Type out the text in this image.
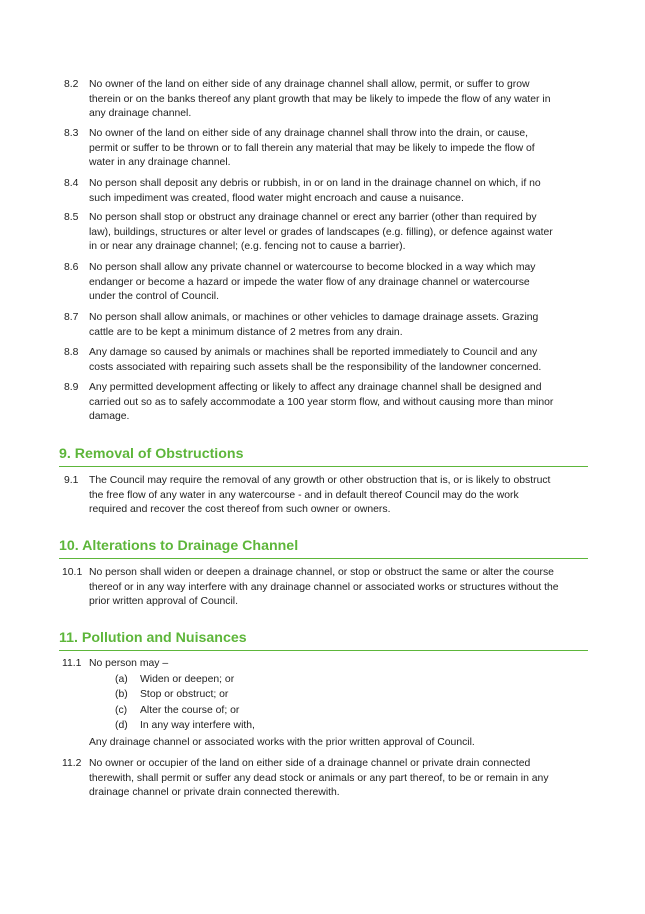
8.2 No owner of the land on either side of any drainage channel shall allow, permit, or suffer to grow therein or on the banks thereof any plant growth that may be likely to impede the flow of any water in any drainage channel.
8.3 No owner of the land on either side of any drainage channel shall throw into the drain, or cause, permit or suffer to be thrown or to fall therein any material that may be likely to impede the flow of water in any drainage channel.
8.4 No person shall deposit any debris or rubbish, in or on land in the drainage channel on which, if no such impediment was created, flood water might encroach and cause a nuisance.
8.5 No person shall stop or obstruct any drainage channel or erect any barrier (other than required by law), buildings, structures or alter level or grades of landscapes (e.g. filling), or defence against water in or near any drainage channel; (e.g. fencing not to cause a barrier).
8.6 No person shall allow any private channel or watercourse to become blocked in a way which may endanger or become a hazard or impede the water flow of any drainage channel or watercourse under the control of Council.
8.7 No person shall allow animals, or machines or other vehicles to damage drainage assets. Grazing cattle are to be kept a minimum distance of 2 metres from any drain.
8.8 Any damage so caused by animals or machines shall be reported immediately to Council and any costs associated with repairing such assets shall be the responsibility of the landowner concerned.
8.9 Any permitted development affecting or likely to affect any drainage channel shall be designed and carried out so as to safely accommodate a 100 year storm flow, and without causing more than minor damage.
9. Removal of Obstructions
9.1 The Council may require the removal of any growth or other obstruction that is, or is likely to obstruct the free flow of any water in any watercourse - and in default thereof Council may do the work required and recover the cost thereof from such owner or owners.
10. Alterations to Drainage Channel
10.1 No person shall widen or deepen a drainage channel, or stop or obstruct the same or alter the course thereof or in any way interfere with any drainage channel or associated works or structures without the prior written approval of Council.
11. Pollution and Nuisances
11.1 No person may –
(a) Widen or deepen; or
(b) Stop or obstruct; or
(c) Alter the course of; or
(d) In any way interfere with,
Any drainage channel or associated works with the prior written approval of Council.
11.2 No owner or occupier of the land on either side of a drainage channel or private drain connected therewith, shall permit or suffer any dead stock or animals or any part thereof, to be or remain in any drainage channel or private drain connected therewith.
